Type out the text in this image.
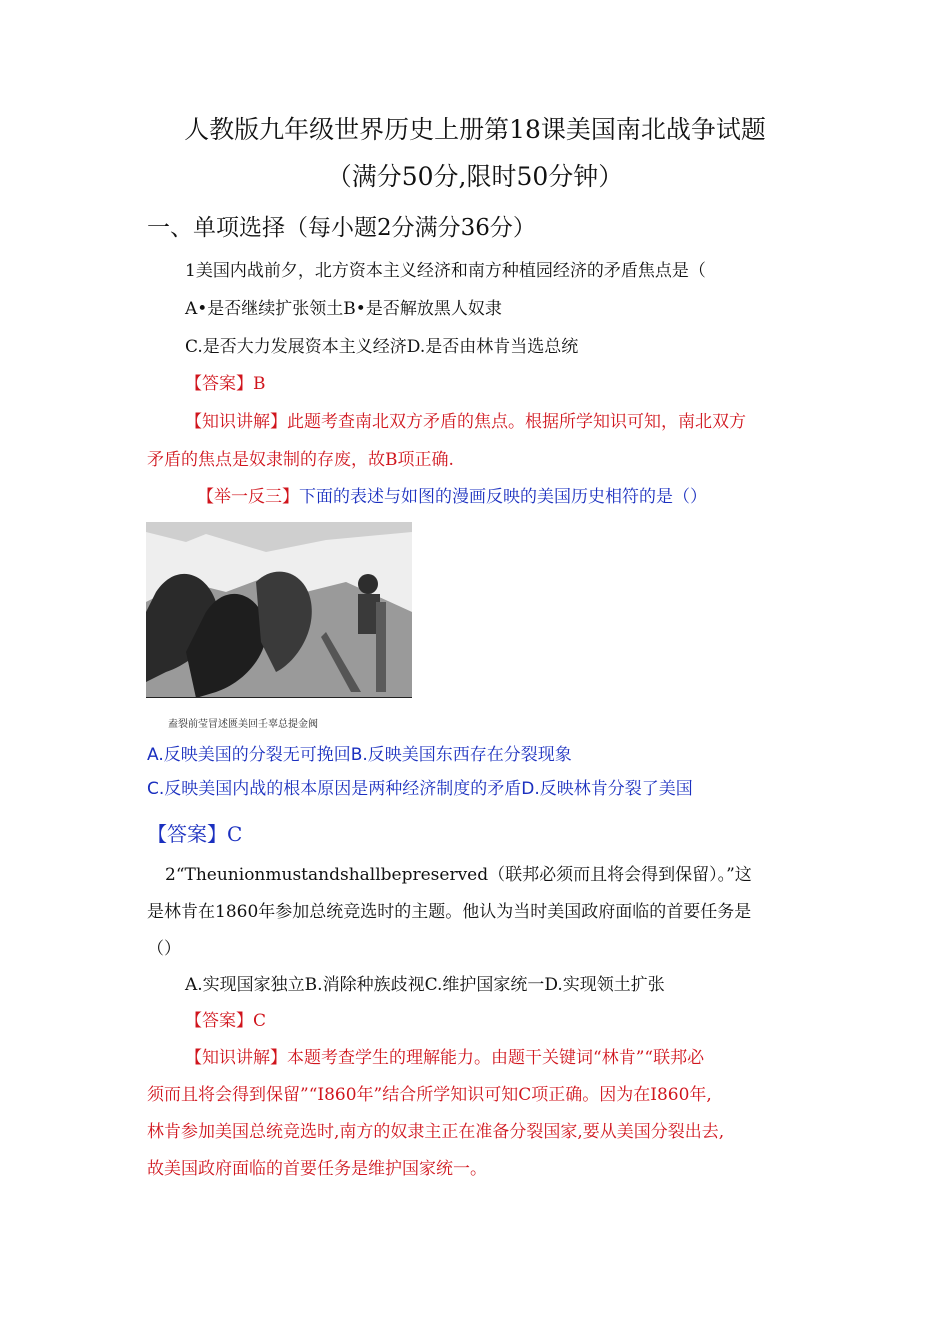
人教版九年级世界历史上册第18课美国南北战争试题
（满分50分,限时50分钟）
一、单项选择（每小题2分满分36分）
1美国内战前夕，北方资本主义经济和南方种植园经济的矛盾焦点是（
A•是否继续扩张领土B•是否解放黑人奴隶
C.是否大力发展资本主义经济D.是否由林肯当选总统
【答案】B
【知识讲解】此题考查南北双方矛盾的焦点。根据所学知识可知，南北双方
矛盾的焦点是奴隶制的存废，故B项正确.
【举一反三】下面的表述与如图的漫画反映的美国历史相符的是（）
盍裂前莹冒述匮美回壬辜总提金阀
A.反映美国的分裂无可挽回B.反映美国东西存在分裂现象
C.反映美国内战的根本原因是两种经济制度的矛盾D.反映林肯分裂了美国
【答案】C
2“Theunionmustandshallbepreserved（联邦必须而且将会得到保留）。”这
是林肯在1860年参加总统竞选时的主题。他认为当时美国政府面临的首要任务是
（）
A.实现国家独立B.消除种族歧视C.维护国家统一D.实现领土扩张
【答案】C
【知识讲解】本题考查学生的理解能力。由题干关键词“林肯”“联邦必
须而且将会得到保留”“I860年”结合所学知识可知C项正确。因为在I860年,
林肯参加美国总统竞选时,南方的奴隶主正在准备分裂国家,要从美国分裂出去,
故美国政府面临的首要任务是维护国家统一。
